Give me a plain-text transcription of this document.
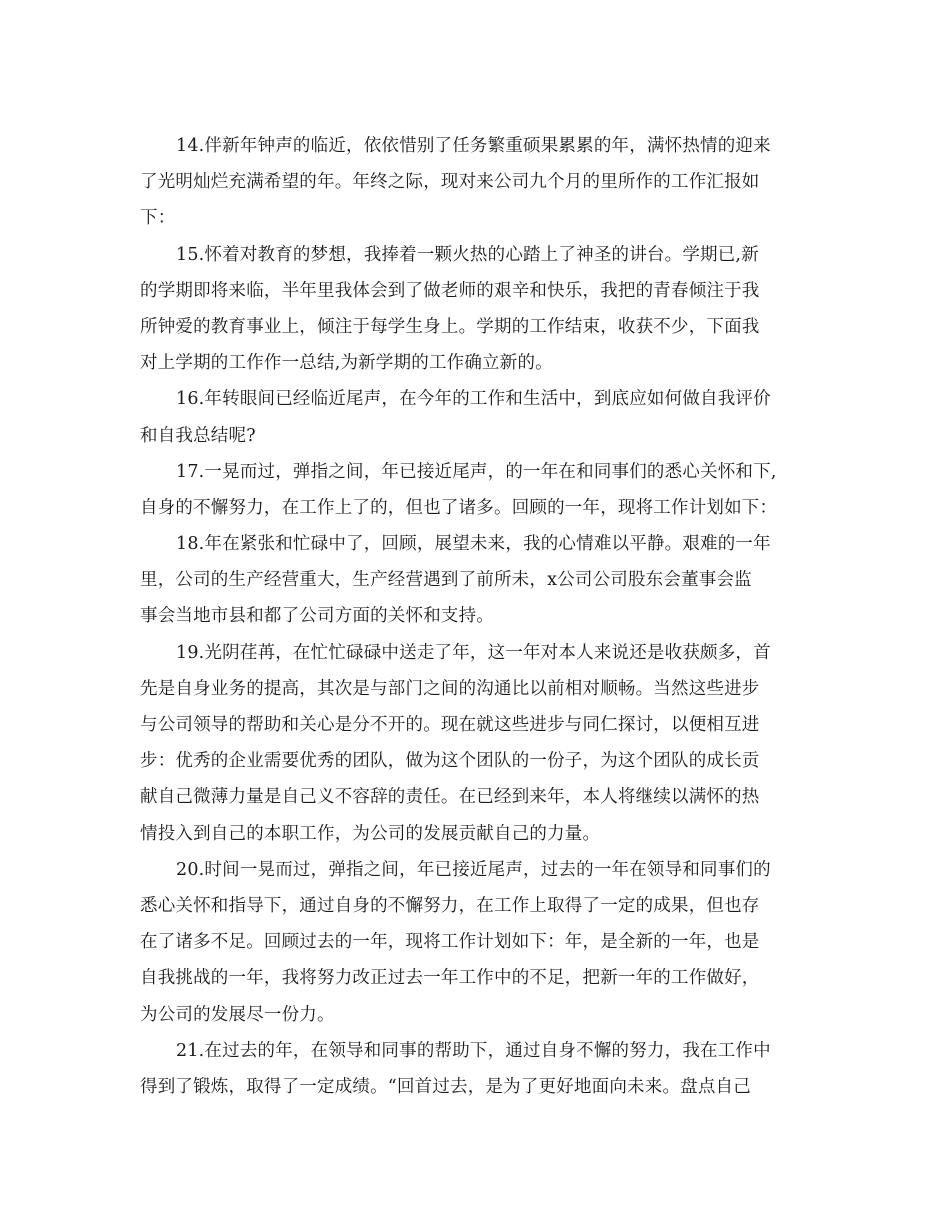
14.伴新年钟声的临近，依依惜别了任务繁重硕果累累的年，满怀热情的迎来
了光明灿烂充满希望的年。年终之际，现对来公司九个月的里所作的工作汇报如
下：
15.怀着对教育的梦想，我捧着一颗火热的心踏上了神圣的讲台。学期已,新
的学期即将来临，半年里我体会到了做老师的艰辛和快乐，我把的青春倾注于我
所钟爱的教育事业上，倾注于每学生身上。学期的工作结束，收获不少，下面我
对上学期的工作作一总结,为新学期的工作确立新的。
16.年转眼间已经临近尾声，在今年的工作和生活中，到底应如何做自我评价
和自我总结呢?
17.一晃而过，弹指之间，年已接近尾声，的一年在和同事们的悉心关怀和下,
自身的不懈努力，在工作上了的，但也了诸多。回顾的一年，现将工作计划如下：
18.年在紧张和忙碌中了，回顾，展望未来，我的心情难以平静。艰难的一年
里，公司的生产经营重大，生产经营遇到了前所未，x公司公司股东会董事会监
事会当地市县和都了公司方面的关怀和支持。
19.光阴荏苒，在忙忙碌碌中送走了年，这一年对本人来说还是收获颇多，首
先是自身业务的提高，其次是与部门之间的沟通比以前相对顺畅。当然这些进步
与公司领导的帮助和关心是分不开的。现在就这些进步与同仁探讨，以便相互进
步：优秀的企业需要优秀的团队，做为这个团队的一份子，为这个团队的成长贡
献自己微薄力量是自己义不容辞的责任。在已经到来年，本人将继续以满怀的热
情投入到自己的本职工作，为公司的发展贡献自己的力量。
20.时间一晃而过，弹指之间，年已接近尾声，过去的一年在领导和同事们的
悉心关怀和指导下，通过自身的不懈努力，在工作上取得了一定的成果，但也存
在了诸多不足。回顾过去的一年，现将工作计划如下：年，是全新的一年，也是
自我挑战的一年，我将努力改正过去一年工作中的不足，把新一年的工作做好，
为公司的发展尽一份力。
21.在过去的年，在领导和同事的帮助下，通过自身不懈的努力，我在工作中
得到了锻炼，取得了一定成绩。“回首过去，是为了更好地面向未来。盘点自己
